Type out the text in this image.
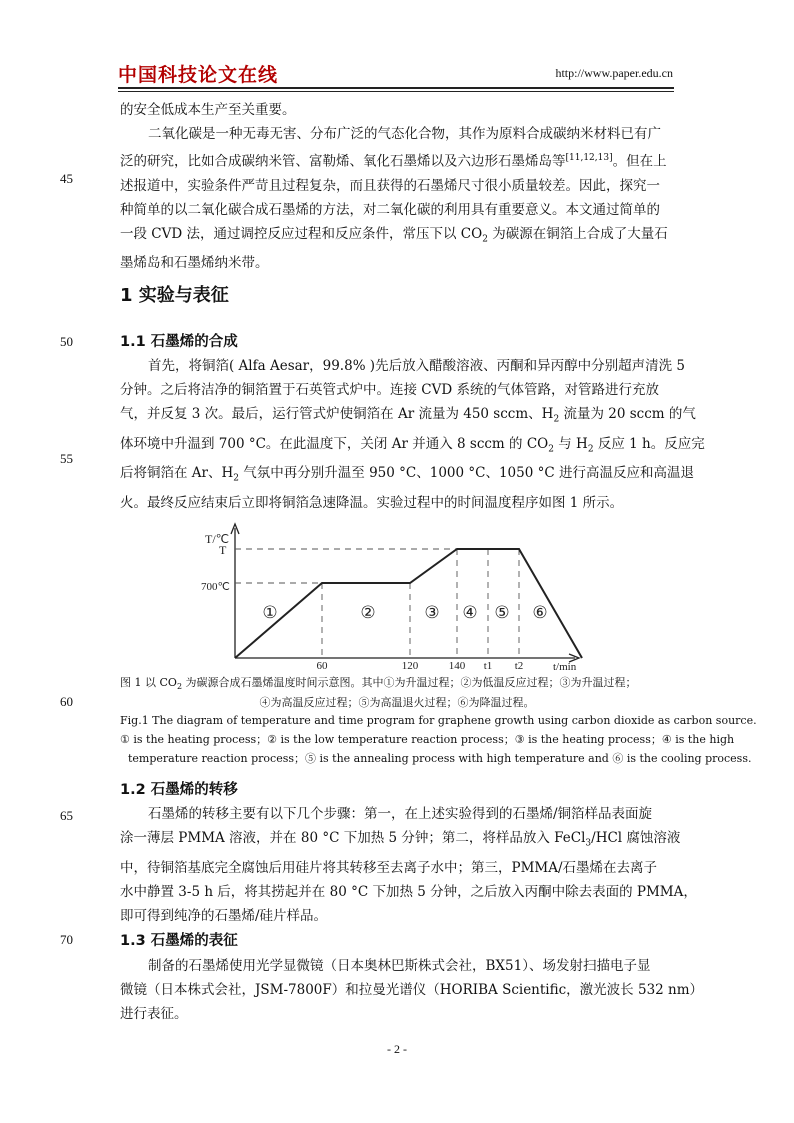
中国科技论文在线	http://www.paper.edu.cn
的安全低成本生产至关重要。
二氧化碳是一种无毒无害、分布广泛的气态化合物，其作为原料合成碳纳米材料已有广
泛的研究，比如合成碳纳米管、富勒烯、氧化石墨烯以及六边形石墨烯岛等[11,12,13]。但在上
述报道中，实验条件严苛且过程复杂，而且获得的石墨烯尺寸很小质量较差。因此，探究一
种简单的以二氧化碳合成石墨烯的方法，对二氧化碳的利用具有重要意义。本文通过简单的
一段 CVD 法，通过调控反应过程和反应条件，常压下以 $CO_2$ 为碳源在铜箔上合成了大量石
墨烯岛和石墨烯纳米带。
45
1 实验与表征
50	1.1 石墨烯的合成
首先，将铜箔( Alfa Aesar，99.8% )先后放入醋酸溶液、丙酮和异丙醇中分别超声清洗 5
分钟。之后将洁净的铜箔置于石英管式炉中。连接 CVD 系统的气体管路，对管路进行充放
气，并反复 3 次。最后，运行管式炉使铜箔在 Ar 流量为 450 sccm、$H_2$ 流量为 20 sccm 的气
体环境中升温到 700 °C。在此温度下，关闭 Ar 并通入 8 sccm 的 $CO_2$ 与 $H_2$ 反应 1 h。反应完
后将铜箔在 Ar、$H_2$ 气氛中再分别升温至 950 °C、1000 °C、1050 °C 进行高温反应和高温退
火。最终反应结束后立即将铜箔急速降温。实验过程中的时间温度程序如图 1 所示。
55
T/℃
T
700℃
60	120	140 t1 t2	t/min
①	②	③ ④ ⑤ ⑥
图 1 以 $CO_2$ 为碳源合成石墨烯温度时间示意图。其中①为升温过程；②为低温反应过程；③为升温过程；
60	④为高温反应过程；⑤为高温退火过程；⑥为降温过程。
Fig.1 The diagram of temperature and time program for graphene growth using carbon dioxide as carbon source.
① is the heating process；② is the low temperature reaction process；③ is the heating process；④ is the high
temperature reaction process；⑤ is the annealing process with high temperature and ⑥ is the cooling process.
1.2 石墨烯的转移
65	石墨烯的转移主要有以下几个步骤：第一，在上述实验得到的石墨烯/铜箔样品表面旋
涂一薄层 PMMA 溶液，并在 80 °C 下加热 5 分钟；第二，将样品放入 FeCl$_3$/HCl 腐蚀溶液
中，待铜箔基底完全腐蚀后用硅片将其转移至去离子水中；第三，PMMA/石墨烯在去离子
水中静置 3-5 h 后，将其捞起并在 80 °C 下加热 5 分钟，之后放入丙酮中除去表面的 PMMA，
即可得到纯净的石墨烯/硅片样品。
70	1.3 石墨烯的表征
制备的石墨烯使用光学显微镜（日本奥林巴斯株式会社，BX51）、场发射扫描电子显
微镜（日本株式会社，JSM-7800F）和拉曼光谱仪（HORIBA Scientific，激光波长 532 nm）
进行表征。
- 2 -
